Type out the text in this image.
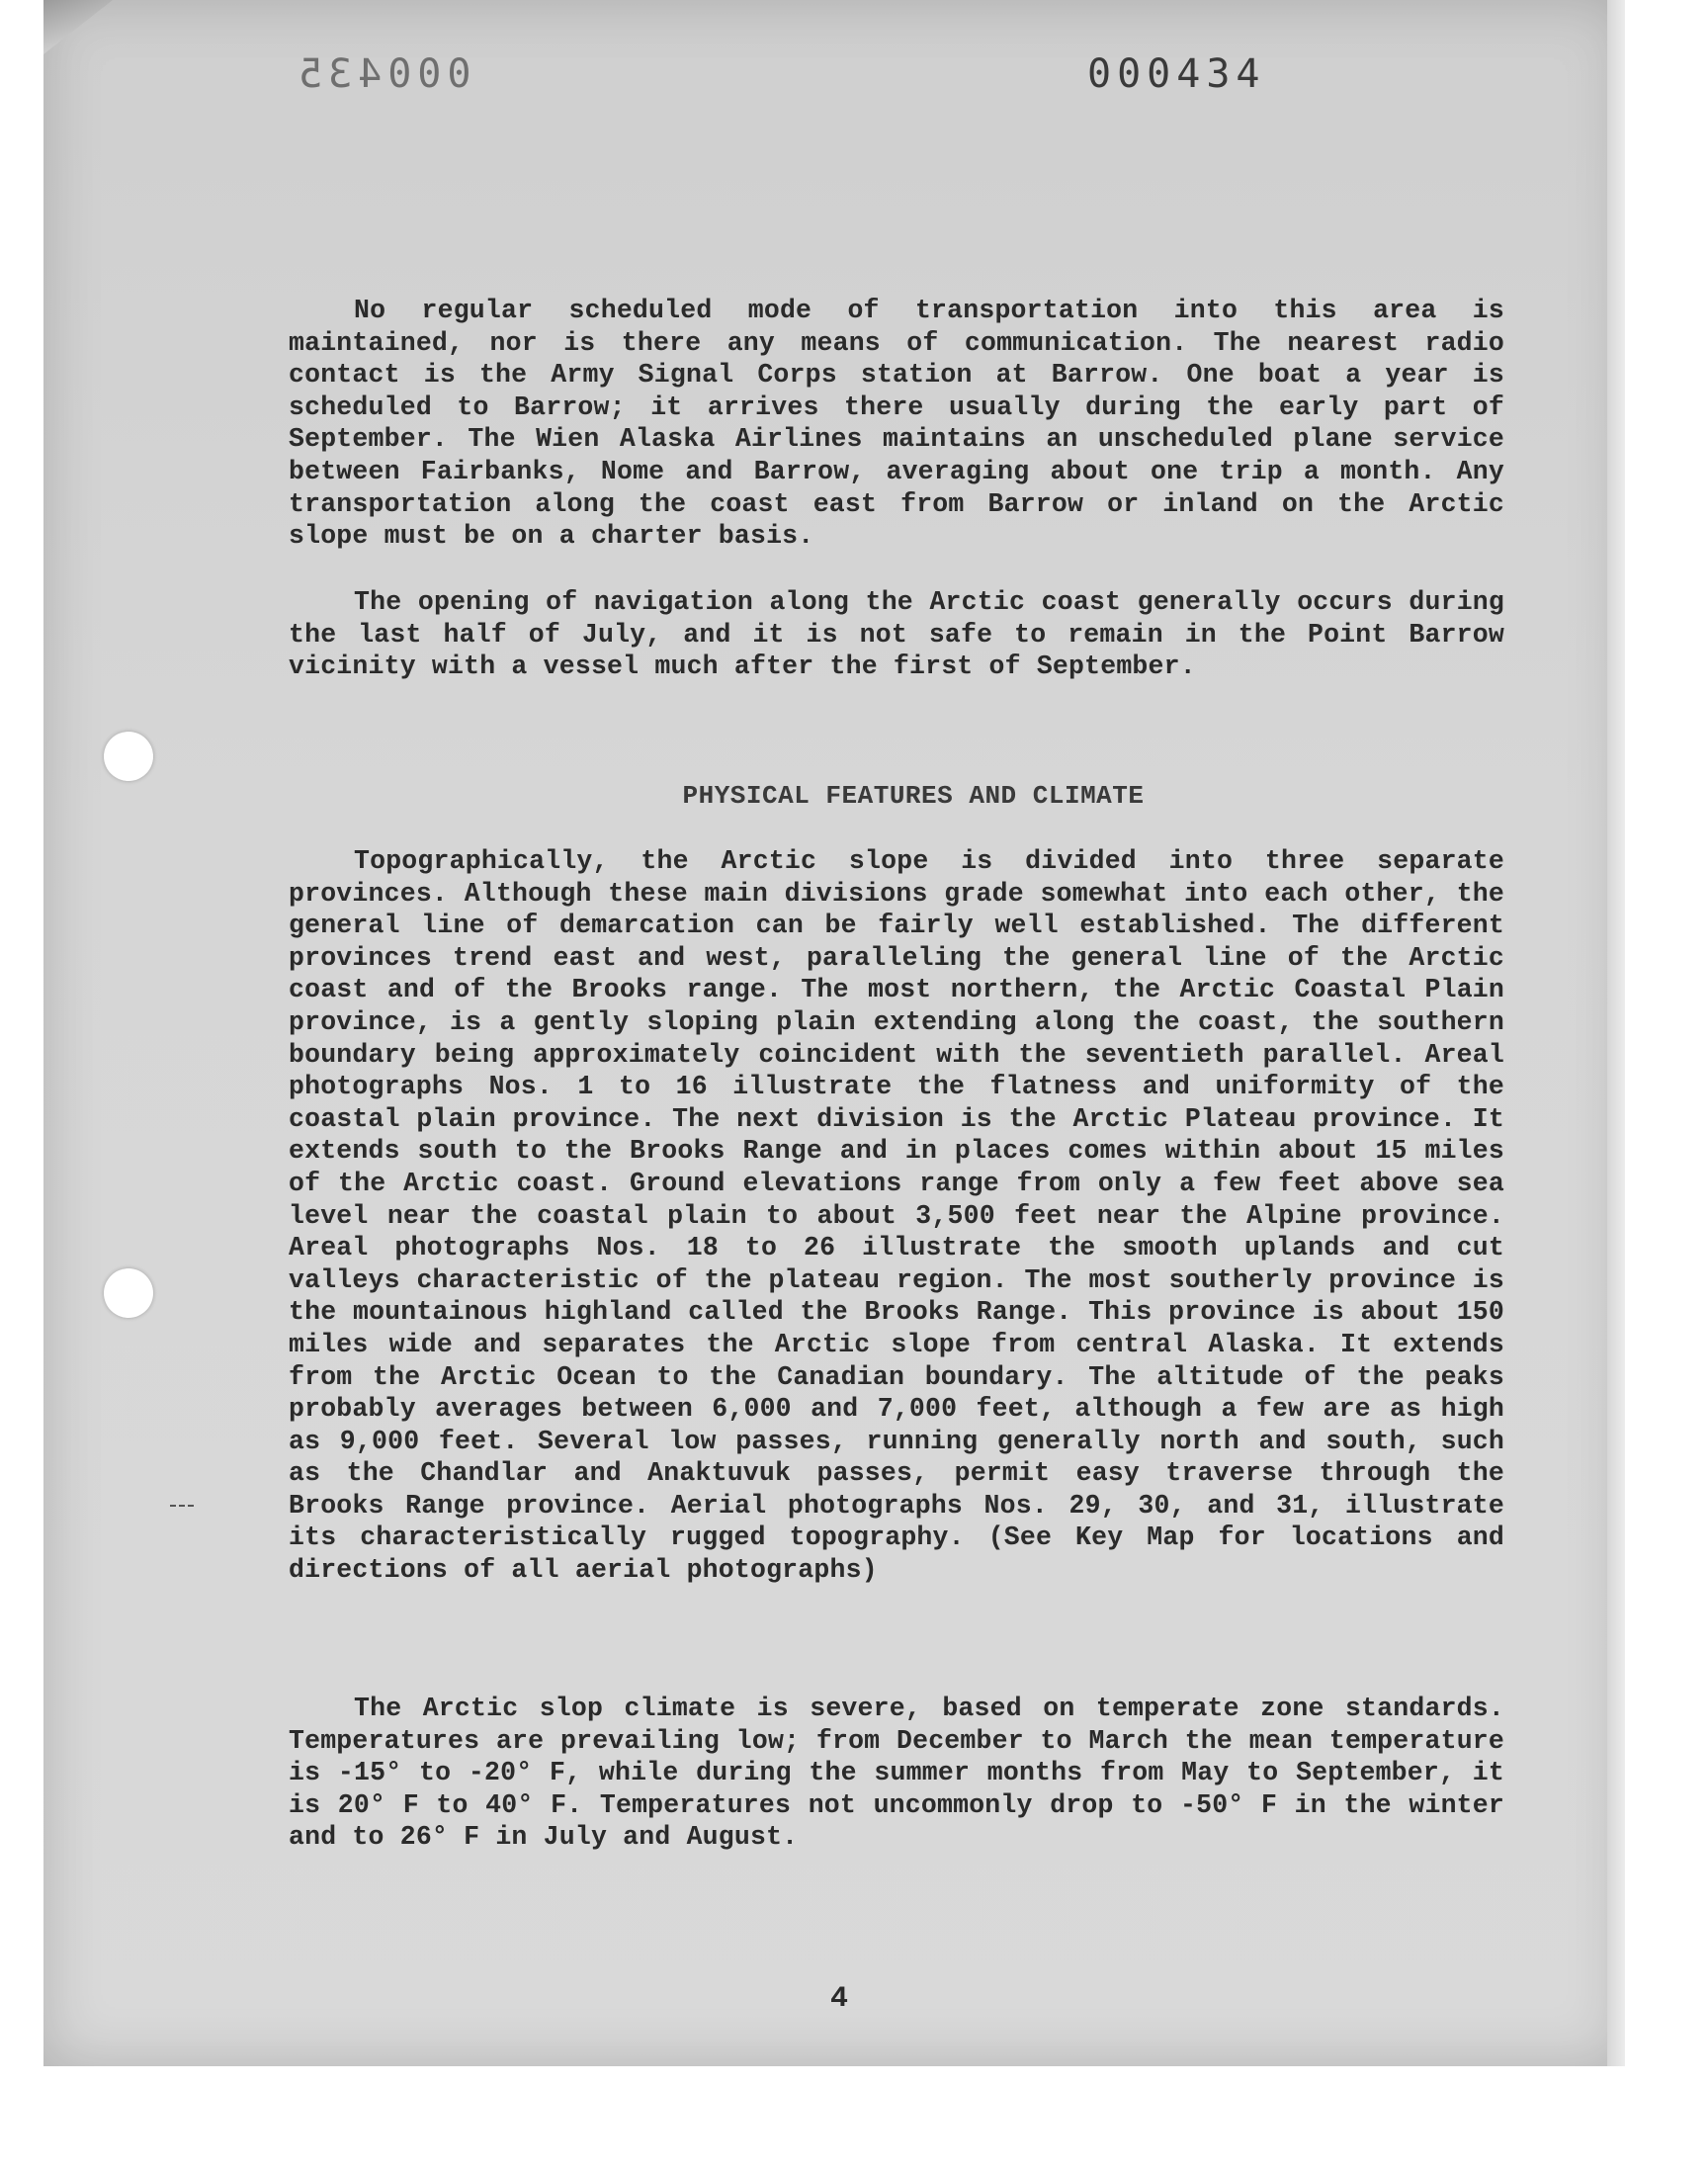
000435	000434

No regular scheduled mode of transportation into this area is maintained, nor is there any means of communication. The nearest radio contact is the Army Signal Corps station at Barrow. One boat a year is scheduled to Barrow; it arrives there usually during the early part of September. The Wien Alaska Airlines maintains an unscheduled plane service between Fairbanks, Nome and Barrow, averaging about one trip a month. Any transportation along the coast east from Barrow or inland on the Arctic slope must be on a charter basis.

The opening of navigation along the Arctic coast generally occurs during the last half of July, and it is not safe to remain in the Point Barrow vicinity with a vessel much after the first of September.

PHYSICAL FEATURES AND CLIMATE

Topographically, the Arctic slope is divided into three separate provinces. Although these main divisions grade somewhat into each other, the general line of demarcation can be fairly well established. The different provinces trend east and west, paralleling the general line of the Arctic coast and of the Brooks range. The most northern, the Arctic Coastal Plain province, is a gently sloping plain extending along the coast, the southern boundary being approximately coincident with the seventieth parallel. Areal photographs Nos. 1 to 16 illustrate the flatness and uniformity of the coastal plain province. The next division is the Arctic Plateau province. It extends south to the Brooks Range and in places comes within about 15 miles of the Arctic coast. Ground elevations range from only a few feet above sea level near the coastal plain to about 3,500 feet near the Alpine province. Areal photographs Nos. 18 to 26 illustrate the smooth uplands and cut valleys characteristic of the plateau region. The most southerly province is the mountainous highland called the Brooks Range. This province is about 150 miles wide and separates the Arctic slope from central Alaska. It extends from the Arctic Ocean to the Canadian boundary. The altitude of the peaks probably averages between 6,000 and 7,000 feet, although a few are as high as 9,000 feet. Several low passes, running generally north and south, such as the Chandlar and Anaktuvuk passes, permit easy traverse through the Brooks Range province. Aerial photographs Nos. 29, 30, and 31, illustrate its characteristically rugged topography. (See Key Map for locations and directions of all aerial photographs)

The Arctic slop climate is severe, based on temperate zone standards. Temperatures are prevailing low; from December to March the mean temperature is -15° to -20° F, while during the summer months from May to September, it is 20° F to 40° F. Temperatures not uncommonly drop to -50° F in the winter and to 26° F in July and August.

4
